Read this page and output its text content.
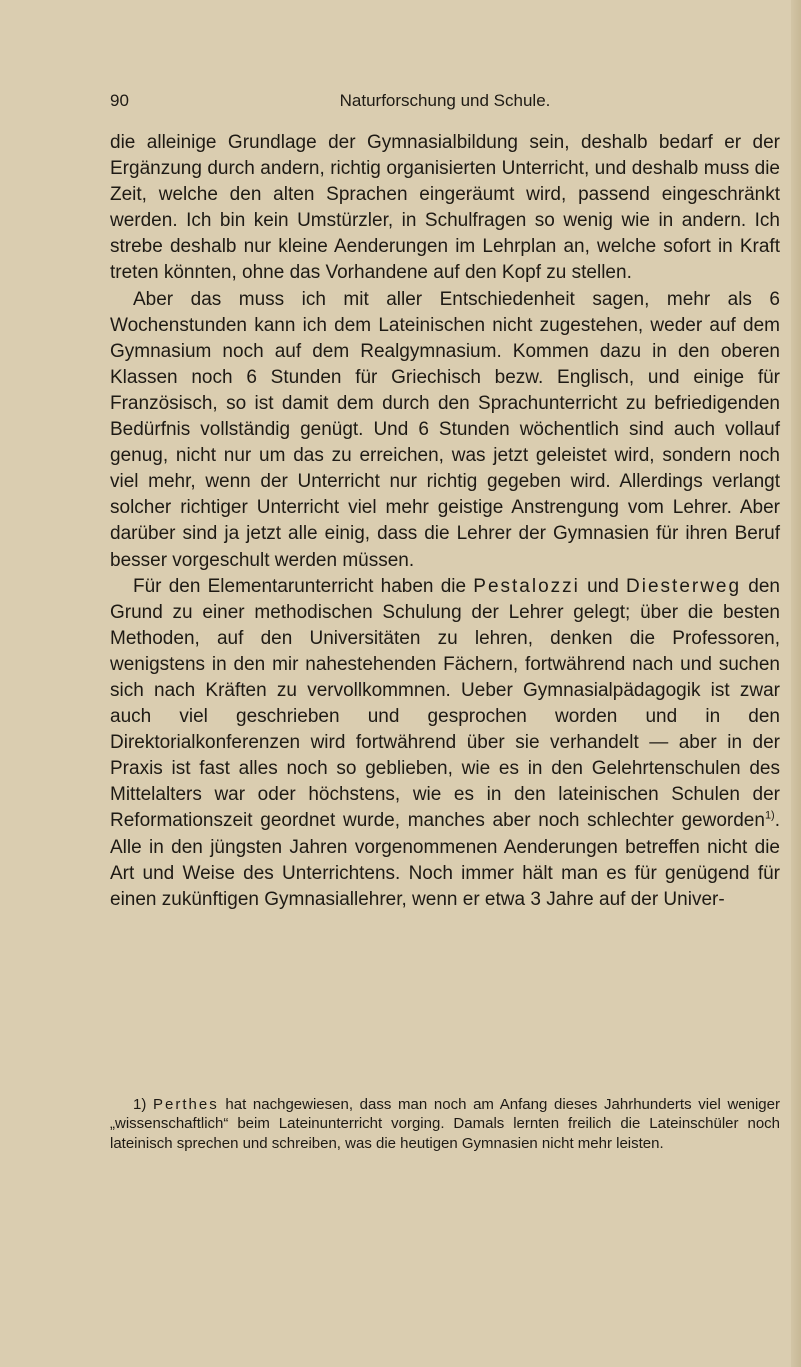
90	Naturforschung und Schule.

die alleinige Grundlage der Gymnasialbildung sein, deshalb bedarf er der Ergänzung durch andern, richtig organisierten Unterricht, und deshalb muss die Zeit, welche den alten Sprachen eingeräumt wird, passend eingeschränkt werden. Ich bin kein Umstürzler, in Schulfragen so wenig wie in andern. Ich strebe deshalb nur kleine Aenderungen im Lehrplan an, welche sofort in Kraft treten könnten, ohne das Vorhandene auf den Kopf zu stellen.

Aber das muss ich mit aller Entschiedenheit sagen, mehr als 6 Wochenstunden kann ich dem Lateinischen nicht zugestehen, weder auf dem Gymnasium noch auf dem Realgymnasium. Kommen dazu in den oberen Klassen noch 6 Stunden für Griechisch bezw. Englisch, und einige für Französisch, so ist damit dem durch den Sprachunterricht zu befriedigenden Bedürfnis vollständig genügt. Und 6 Stunden wöchentlich sind auch vollauf genug, nicht nur um das zu erreichen, was jetzt geleistet wird, sondern noch viel mehr, wenn der Unterricht nur richtig gegeben wird. Allerdings verlangt solcher richtiger Unterricht viel mehr geistige Anstrengung vom Lehrer. Aber darüber sind ja jetzt alle einig, dass die Lehrer der Gymnasien für ihren Beruf besser vorgeschult werden müssen.

Für den Elementarunterricht haben die Pestalozzi und Diesterweg den Grund zu einer methodischen Schulung der Lehrer gelegt; über die besten Methoden, auf den Universitäten zu lehren, denken die Professoren, wenigstens in den mir nahestehenden Fächern, fortwährend nach und suchen sich nach Kräften zu vervollkommnen. Ueber Gymnasialpädagogik ist zwar auch viel geschrieben und gesprochen worden und in den Direktorialkonferenzen wird fortwährend über sie verhandelt — aber in der Praxis ist fast alles noch so geblieben, wie es in den Gelehrtenschulen des Mittelalters war oder höchstens, wie es in den lateinischen Schulen der Reformationszeit geordnet wurde, manches aber noch schlechter geworden$^{1)}$. Alle in den jüngsten Jahren vorgenommenen Aenderungen betreffen nicht die Art und Weise des Unterrichtens. Noch immer hält man es für genügend für einen zukünftigen Gymnasiallehrer, wenn er etwa 3 Jahre auf der Univer-

1) Perthes hat nachgewiesen, dass man noch am Anfang dieses Jahrhunderts viel weniger „wissenschaftlich“ beim Lateinunterricht vorging. Damals lernten freilich die Lateinschüler noch lateinisch sprechen und schreiben, was die heutigen Gymnasien nicht mehr leisten.
